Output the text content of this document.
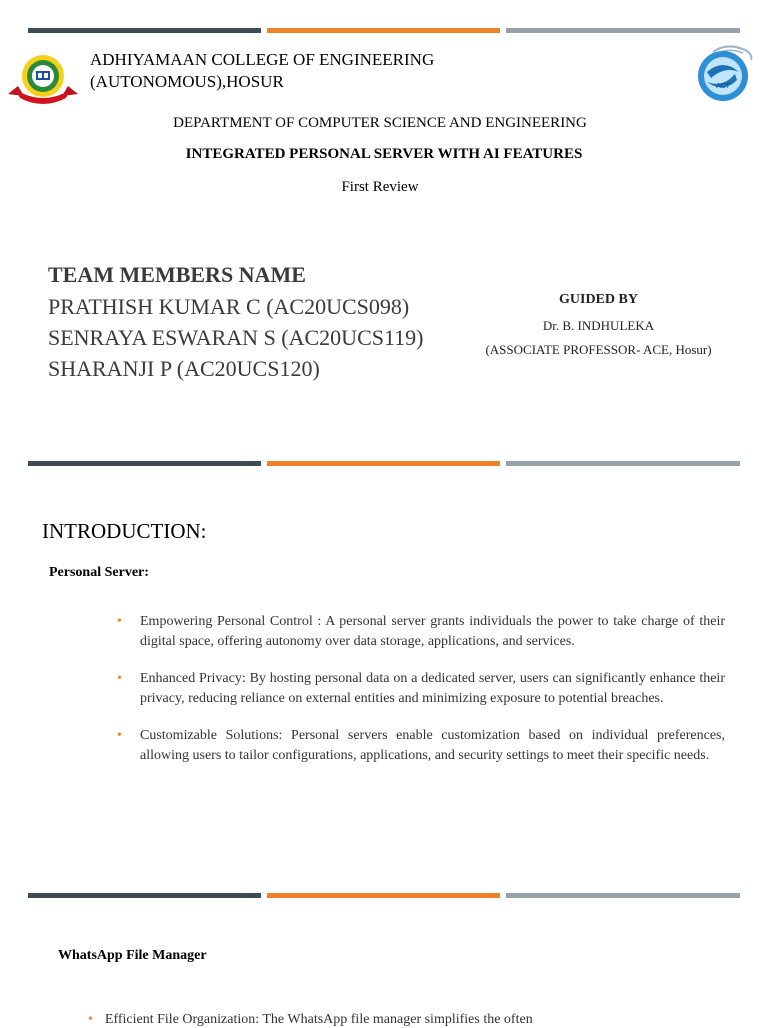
ADHIYAMAAN COLLEGE OF ENGINEERING
(AUTONOMOUS),HOSUR	ACT
DEPARTMENT OF COMPUTER SCIENCE AND ENGINEERING
INTEGRATED PERSONAL SERVER WITH AI FEATURES
First Review
TEAM MEMBERS NAME
PRATHISH KUMAR C (AC20UCS098)
SENRAYA ESWARAN S (AC20UCS119)
SHARANJI P (AC20UCS120)
GUIDED BY
Dr. B. INDHULEKA
(ASSOCIATE PROFESSOR- ACE, Hosur)
INTRODUCTION:
Personal Server:
• Empowering Personal Control : A personal server grants individuals the power to take charge of their digital space, offering autonomy over data storage, applications, and services.
• Enhanced Privacy: By hosting personal data on a dedicated server, users can significantly enhance their privacy, reducing reliance on external entities and minimizing exposure to potential breaches.
• Customizable Solutions: Personal servers enable customization based on individual preferences, allowing users to tailor configurations, applications, and security settings to meet their specific needs.
WhatsApp File Manager
• Efficient File Organization: The WhatsApp file manager simplifies the often
